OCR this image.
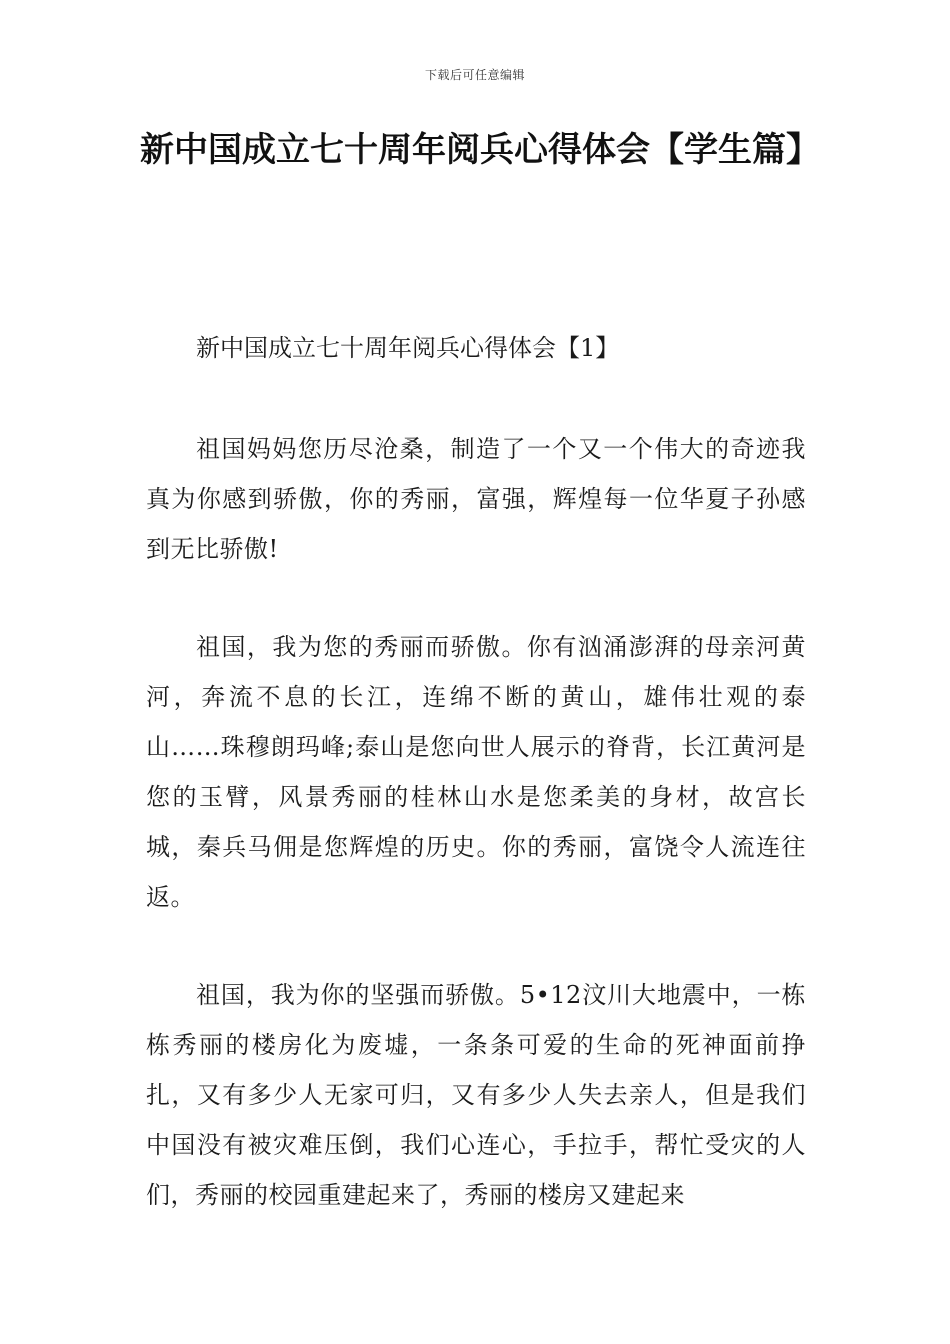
下载后可任意编辑
新中国成立七十周年阅兵心得体会【学生篇】
新中国成立七十周年阅兵心得体会【1】

祖国妈妈您历尽沧桑，制造了一个又一个伟大的奇迹我真为你感到骄傲，你的秀丽，富强，辉煌每一位华夏子孙感到无比骄傲!

祖国，我为您的秀丽而骄傲。你有汹涌澎湃的母亲河黄河，奔流不息的长江，连绵不断的黄山，雄伟壮观的泰山……珠穆朗玛峰;泰山是您向世人展示的脊背，长江黄河是您的玉臂，风景秀丽的桂林山水是您柔美的身材，故宫长城，秦兵马佣是您辉煌的历史。你的秀丽，富饶令人流连往返。

祖国，我为你的坚强而骄傲。5•12汶川大地震中，一栋栋秀丽的楼房化为废墟，一条条可爱的生命的死神面前挣扎，又有多少人无家可归，又有多少人失去亲人，但是我们中国没有被灾难压倒，我们心连心，手拉手，帮忙受灾的人们，秀丽的校园重建起来了，秀丽的楼房又建起来
